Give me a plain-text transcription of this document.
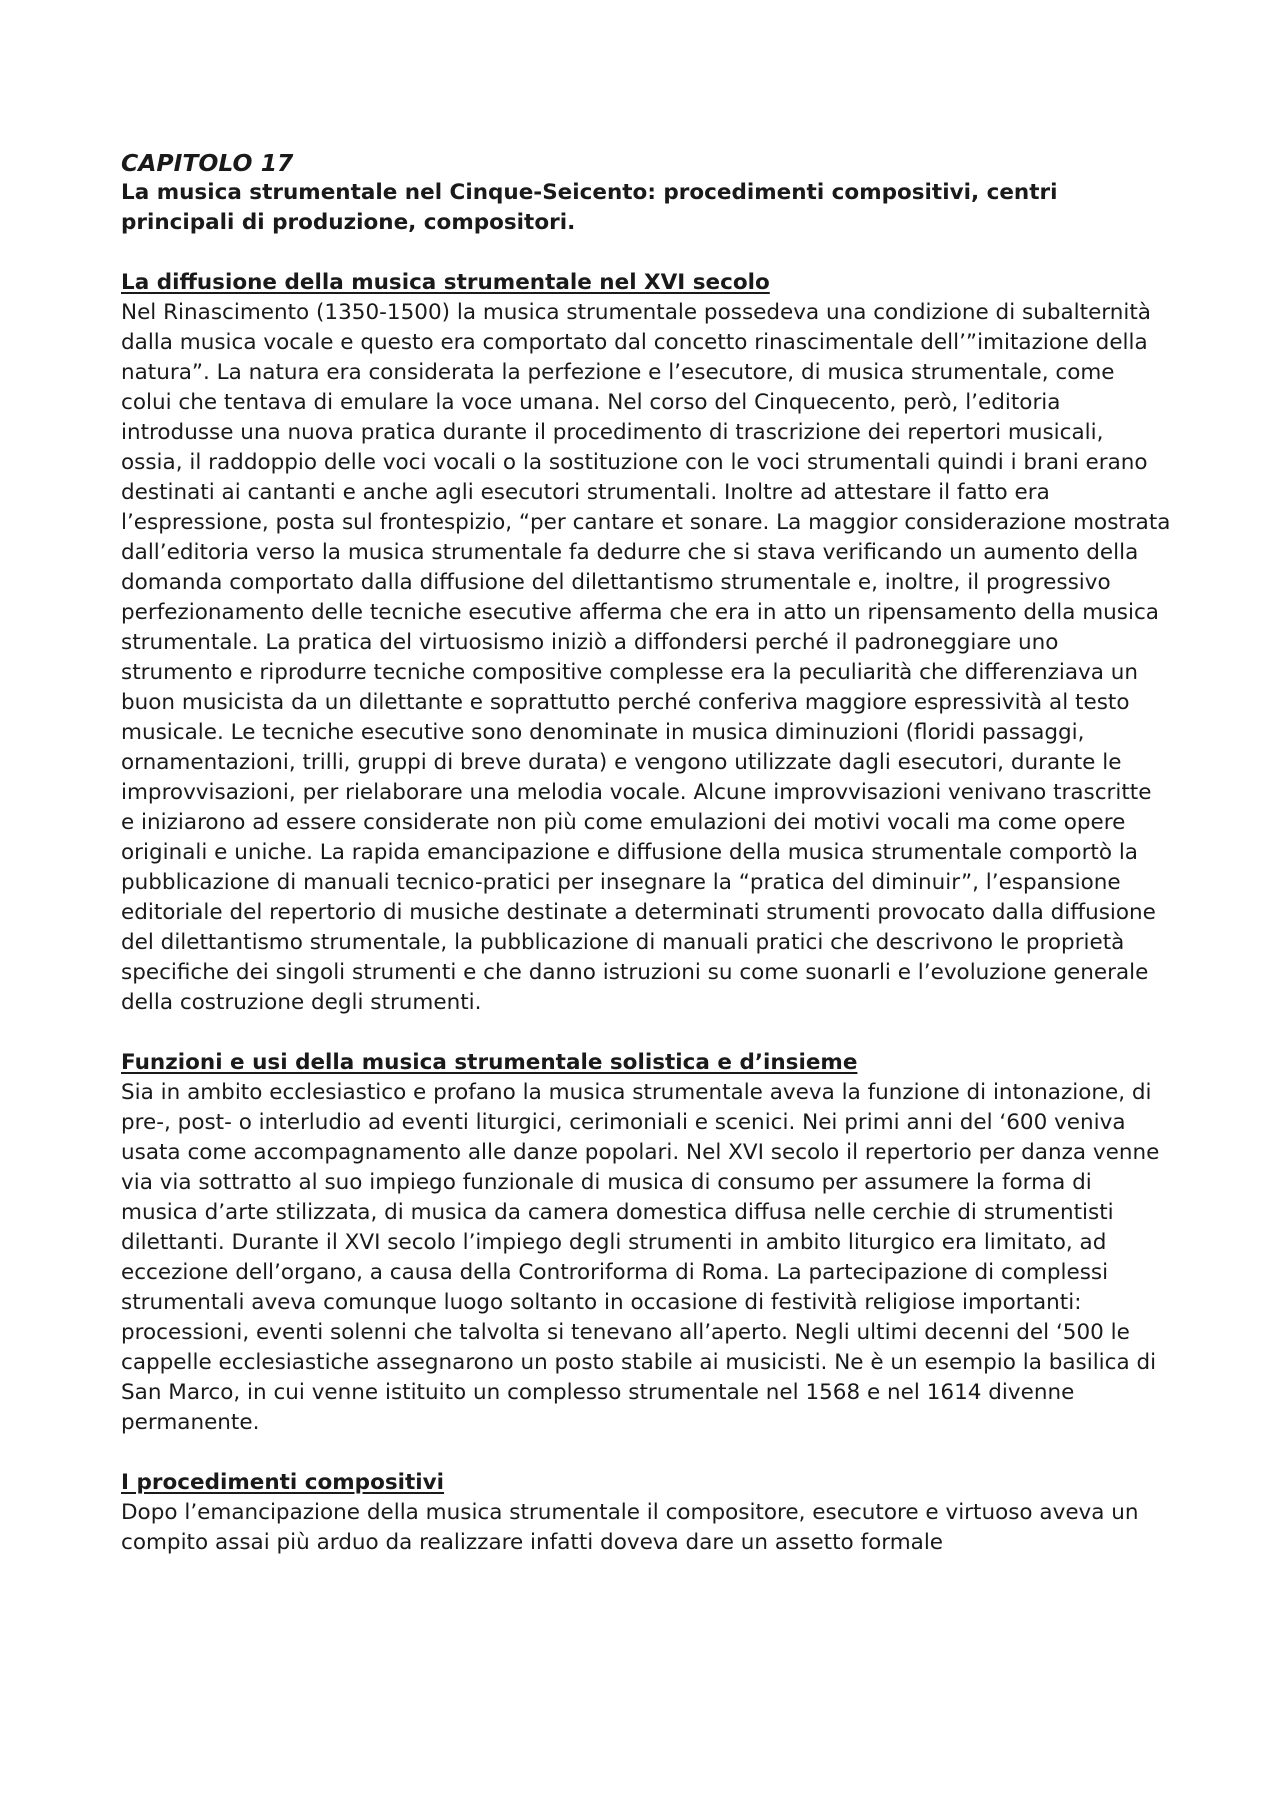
CAPITOLO 17

La musica strumentale nel Cinque-Seicento: procedimenti compositivi, centri principali di produzione, compositori.

La diffusione della musica strumentale nel XVI secolo

Nel Rinascimento (1350-1500) la musica strumentale possedeva una condizione di subalternità dalla musica vocale e questo era comportato dal concetto rinascimentale dell’”imitazione della natura”. La natura era considerata la perfezione e l’esecutore, di musica strumentale, come colui che tentava di emulare la voce umana. Nel corso del Cinquecento, però, l’editoria introdusse una nuova pratica durante il procedimento di trascrizione dei repertori musicali, ossia, il raddoppio delle voci vocali o la sostituzione con le voci strumentali quindi i brani erano destinati ai cantanti e anche agli esecutori strumentali. Inoltre ad attestare il fatto era l’espressione, posta sul frontespizio, “per cantare et sonare. La maggior considerazione mostrata dall’editoria verso la musica strumentale fa dedurre che si stava verificando un aumento della domanda comportato dalla diffusione del dilettantismo strumentale e, inoltre, il progressivo perfezionamento delle tecniche esecutive afferma che era in atto un ripensamento della musica strumentale. La pratica del virtuosismo iniziò a diffondersi perché il padroneggiare uno strumento e riprodurre tecniche compositive complesse era la peculiarità che differenziava un buon musicista da un dilettante e soprattutto perché conferiva maggiore espressività al testo musicale. Le tecniche esecutive sono denominate in musica diminuzioni (floridi passaggi, ornamentazioni, trilli, gruppi di breve durata) e vengono utilizzate dagli esecutori, durante le improvvisazioni, per rielaborare una melodia vocale. Alcune improvvisazioni venivano trascritte e iniziarono ad essere considerate non più come emulazioni dei motivi vocali ma come opere originali e uniche. La rapida emancipazione e diffusione della musica strumentale comportò la pubblicazione di manuali tecnico-pratici per insegnare la “pratica del diminuir”, l’espansione editoriale del repertorio di musiche destinate a determinati strumenti provocato dalla diffusione del dilettantismo strumentale, la pubblicazione di manuali pratici che descrivono le proprietà specifiche dei singoli strumenti e che danno istruzioni su come suonarli e l’evoluzione generale della costruzione degli strumenti.

Funzioni e usi della musica strumentale solistica e d’insieme

Sia in ambito ecclesiastico e profano la musica strumentale aveva la funzione di intonazione, di pre-, post- o interludio ad eventi liturgici, cerimoniali e scenici. Nei primi anni del ‘600 veniva usata come accompagnamento alle danze popolari. Nel XVI secolo il repertorio per danza venne via via sottratto al suo impiego funzionale di musica di consumo per assumere la forma di musica d’arte stilizzata, di musica da camera domestica diffusa nelle cerchie di strumentisti dilettanti. Durante il XVI secolo l’impiego degli strumenti in ambito liturgico era limitato, ad eccezione dell’organo, a causa della Controriforma di Roma. La partecipazione di complessi strumentali aveva comunque luogo soltanto in occasione di festività religiose importanti: processioni, eventi solenni che talvolta si tenevano all’aperto. Negli ultimi decenni del ‘500 le cappelle ecclesiastiche assegnarono un posto stabile ai musicisti. Ne è un esempio la basilica di San Marco, in cui venne istituito un complesso strumentale nel 1568 e nel 1614 divenne permanente.

I procedimenti compositivi

Dopo l’emancipazione della musica strumentale il compositore, esecutore e virtuoso aveva un compito assai più arduo da realizzare infatti doveva dare un assetto formale
